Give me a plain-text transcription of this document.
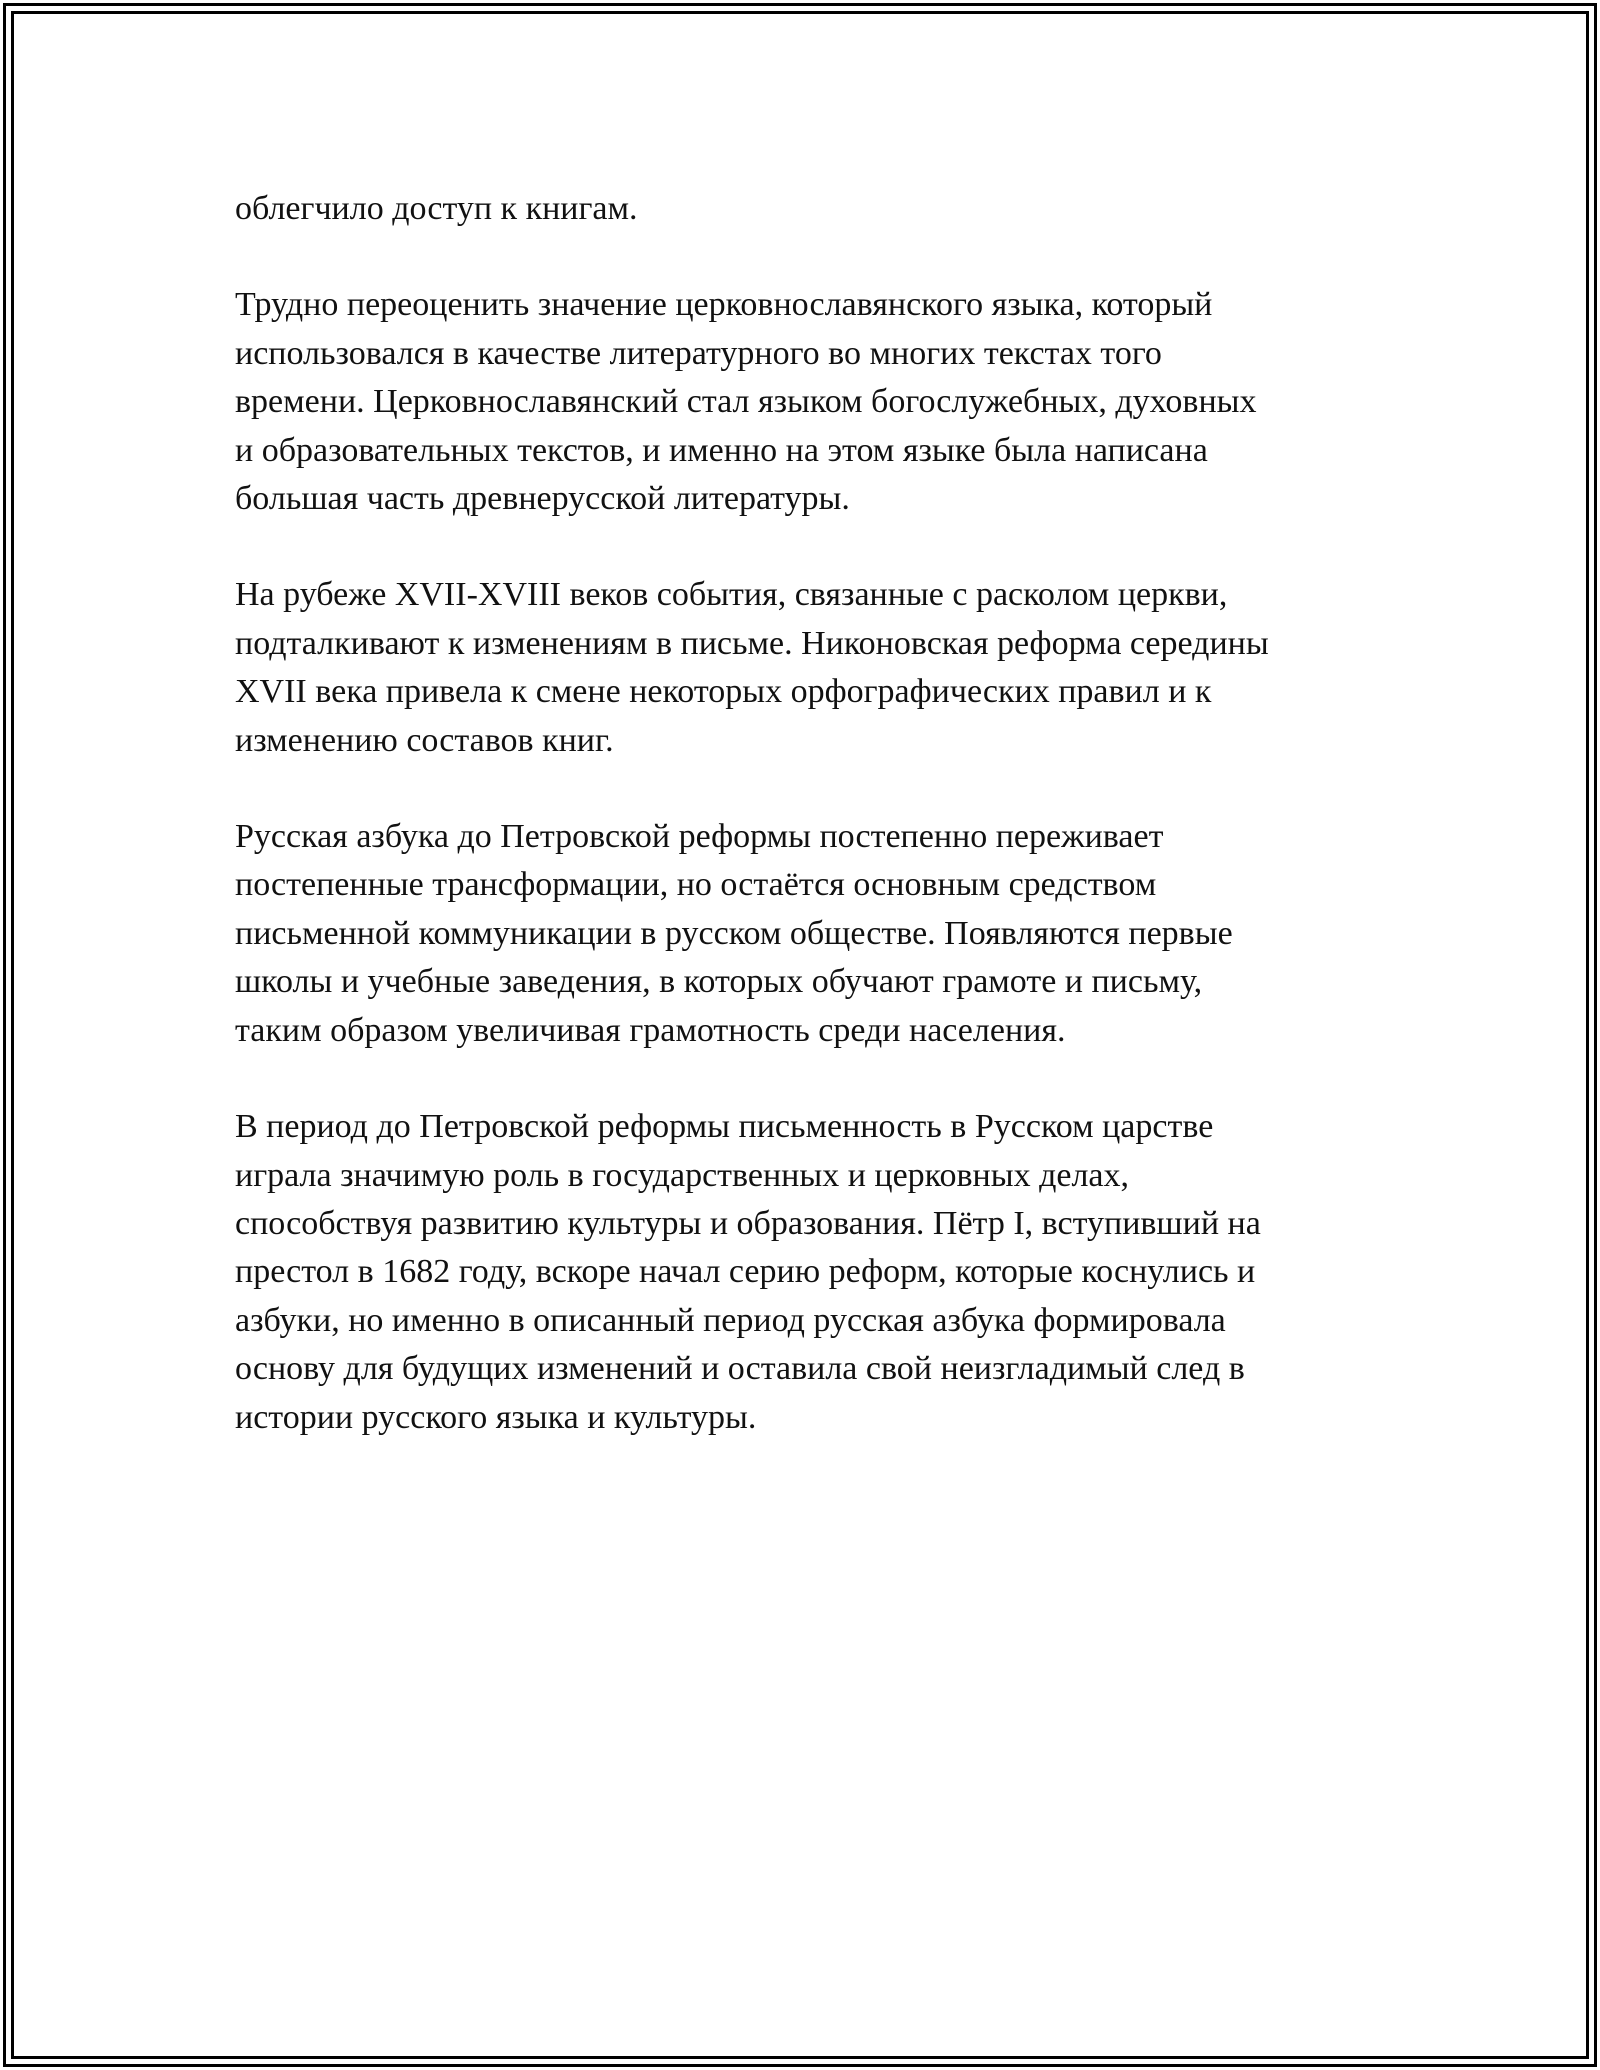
облегчило доступ к книгам.

Трудно переоценить значение церковнославянского языка, который
использовался в качестве литературного во многих текстах того
времени. Церковнославянский стал языком богослужебных, духовных
и образовательных текстов, и именно на этом языке была написана
большая часть древнерусской литературы.

На рубеже XVII-XVIII веков события, связанные с расколом церкви,
подталкивают к изменениям в письме. Никоновская реформа середины
XVII века привела к смене некоторых орфографических правил и к
изменению составов книг.

Русская азбука до Петровской реформы постепенно переживает
постепенные трансформации, но остаётся основным средством
письменной коммуникации в русском обществе. Появляются первые
школы и учебные заведения, в которых обучают грамоте и письму,
таким образом увеличивая грамотность среди населения.

В период до Петровской реформы письменность в Русском царстве
играла значимую роль в государственных и церковных делах,
способствуя развитию культуры и образования. Пётр I, вступивший на
престол в 1682 году, вскоре начал серию реформ, которые коснулись и
азбуки, но именно в описанный период русская азбука формировала
основу для будущих изменений и оставила свой неизгладимый след в
истории русского языка и культуры.
